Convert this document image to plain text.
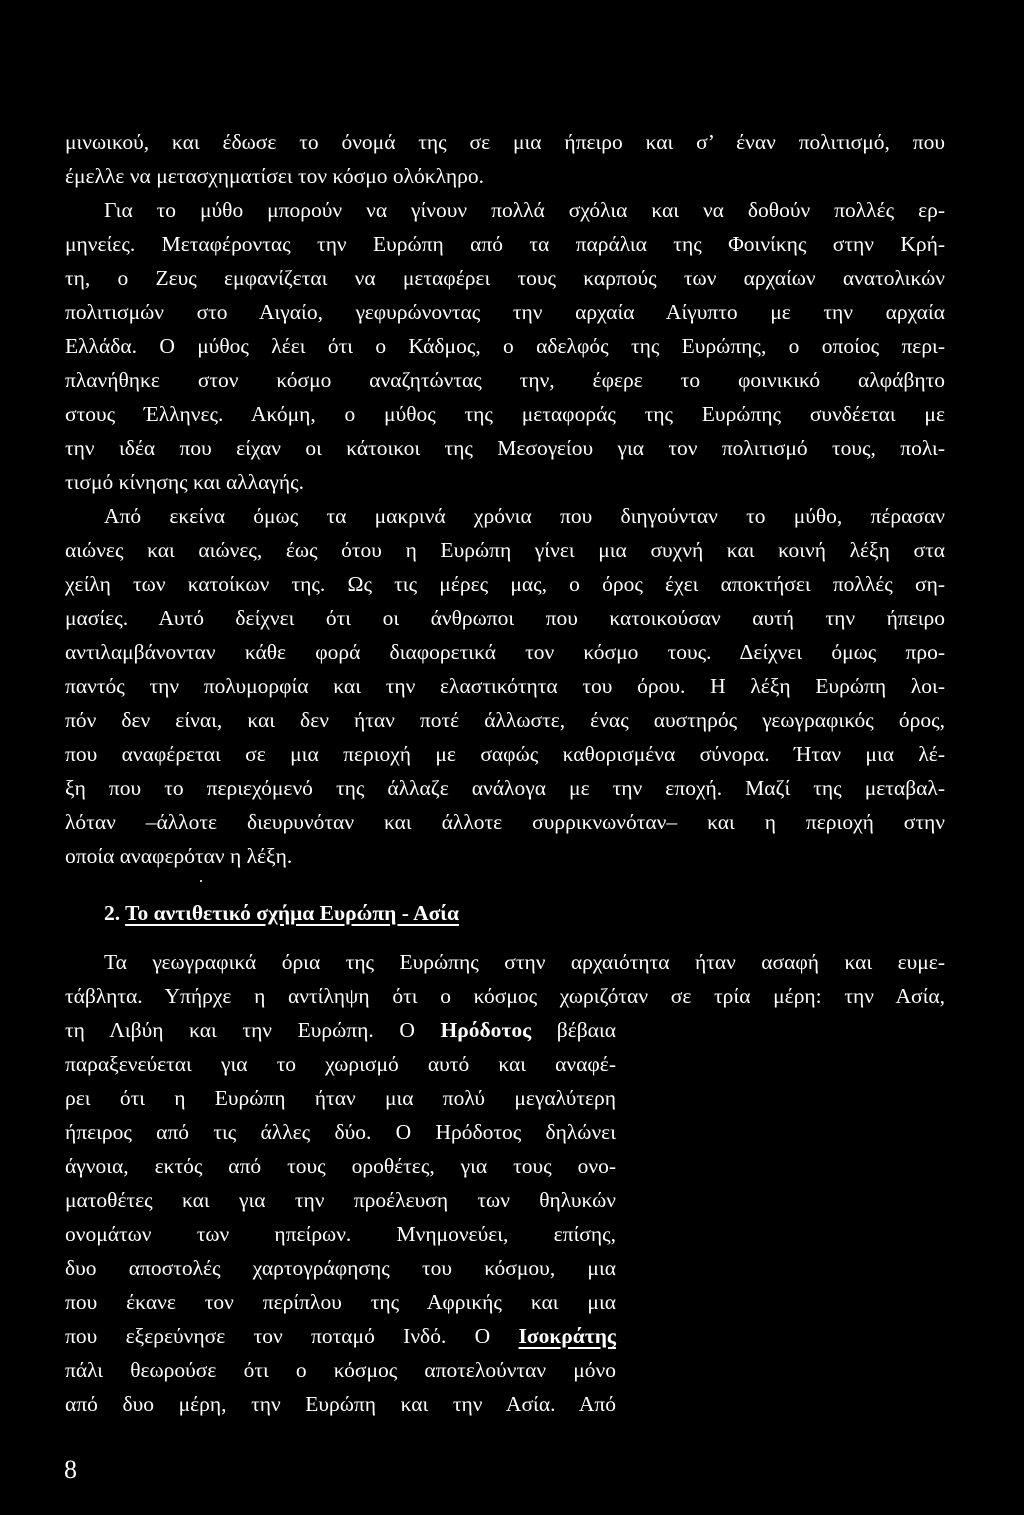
μινωικού, και έδωσε το όνομά της σε μια ήπειρο και σ’ έναν πολιτισμό, που
έμελλε να μετασχηματίσει τον κόσμο ολόκληρο.
Για το μύθο μπορούν να γίνουν πολλά σχόλια και να δοθούν πολλές ερ-
μηνείες. Μεταφέροντας την Ευρώπη από τα παράλια της Φοινίκης στην Κρή-
τη, ο Ζευς εμφανίζεται να μεταφέρει τους καρπούς των αρχαίων ανατολικών
πολιτισμών στο Αιγαίο, γεφυρώνοντας την αρχαία Αίγυπτο με την αρχαία
Ελλάδα. Ο μύθος λέει ότι ο Κάδμος, ο αδελφός της Ευρώπης, ο οποίος περι-
πλανήθηκε στον κόσμο αναζητώντας την, έφερε το φοινικικό αλφάβητο
στους Έλληνες. Ακόμη, ο μύθος της μεταφοράς της Ευρώπης συνδέεται με
την ιδέα που είχαν οι κάτοικοι της Μεσογείου για τον πολιτισμό τους, πολι-
τισμό κίνησης και αλλαγής.
Από εκείνα όμως τα μακρινά χρόνια που διηγούνταν το μύθο, πέρασαν
αιώνες και αιώνες, έως ότου η Ευρώπη γίνει μια συχνή και κοινή λέξη στα
χείλη των κατοίκων της. Ως τις μέρες μας, ο όρος έχει αποκτήσει πολλές ση-
μασίες. Αυτό δείχνει ότι οι άνθρωποι που κατοικούσαν αυτή την ήπειρο
αντιλαμβάνονταν κάθε φορά διαφορετικά τον κόσμο τους. Δείχνει όμως προ-
παντός την πολυμορφία και την ελαστικότητα του όρου. Η λέξη Ευρώπη λοι-
πόν δεν είναι, και δεν ήταν ποτέ άλλωστε, ένας αυστηρός γεωγραφικός όρος,
που αναφέρεται σε μια περιοχή με σαφώς καθορισμένα σύνορα. Ήταν μια λέ-
ξη που το περιεχόμενό της άλλαζε ανάλογα με την εποχή. Μαζί της μεταβαλ-
λόταν –άλλοτε διευρυνόταν και άλλοτε συρρικνωνόταν– και η περιοχή στην
οποία αναφερόταν η λέξη.
2. Το αντιθετικό σχήμα Ευρώπη - Ασία
Τα γεωγραφικά όρια της Ευρώπης στην αρχαιότητα ήταν ασαφή και ευμε-
τάβλητα. Υπήρχε η αντίληψη ότι ο κόσμος χωριζόταν σε τρία μέρη: την Ασία,
τη Λιβύη και την Ευρώπη. Ο Ηρόδοτος βέβαια
παραξενεύεται για το χωρισμό αυτό και αναφέ-
ρει ότι η Ευρώπη ήταν μια πολύ μεγαλύτερη
ήπειρος από τις άλλες δύο. Ο Ηρόδοτος δηλώνει
άγνοια, εκτός από τους οροθέτες, για τους ονο-
ματοθέτες και για την προέλευση των θηλυκών
ονομάτων των ηπείρων. Μνημονεύει, επίσης,
δυο αποστολές χαρτογράφησης του κόσμου, μια
που έκανε τον περίπλου της Αφρικής και μια
που εξερεύνησε τον ποταμό Ινδό. Ο Ισοκράτης
πάλι θεωρούσε ότι ο κόσμος αποτελούνταν μόνο
από δυο μέρη, την Ευρώπη και την Ασία. Από
8
